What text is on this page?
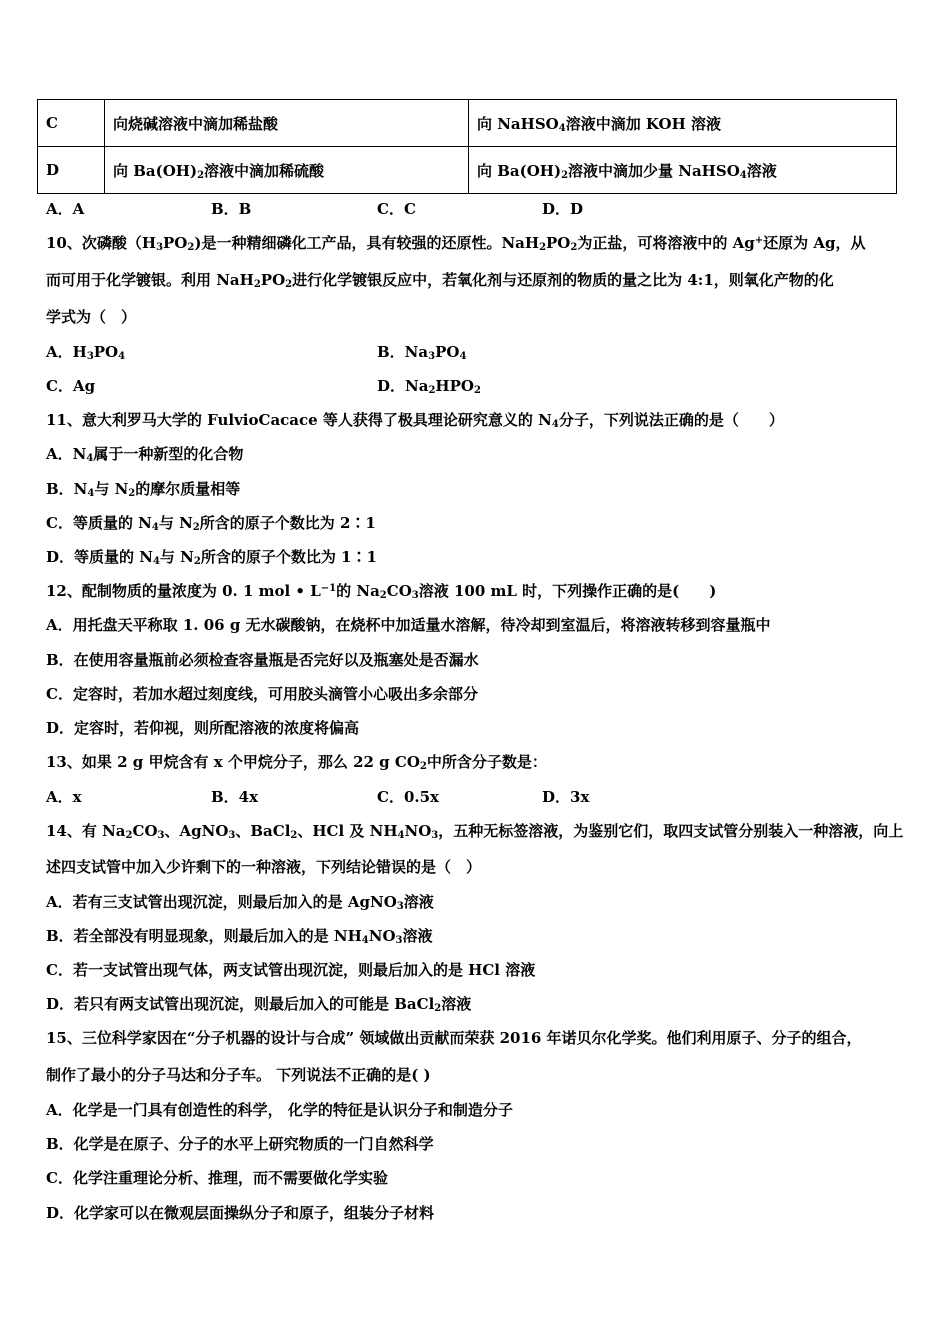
C	向烧碱溶液中滴加稀盐酸	向 NaHSO$_4$溶液中滴加 KOH 溶液
D	向 $Ba(OH)_2$溶液中滴加稀硫酸	向 $Ba(OH)_2$溶液中滴加少量 NaHSO$_4$溶液
A．A	B．B	C．C	D．D
10、次磷酸$(H_3PO_2)$是一种精细磷化工产品，具有较强的还原性。$NaH_2PO_2$为正盐，可将溶液中的 Ag+还原为 Ag，从
而可用于化学镀银。利用 $NaH_2PO_2$进行化学镀银反应中，若氧化剂与还原剂的物质的量之比为 4:1，则氧化产物的化
学式为（　）
A．$H_3PO_4$	B．$Na_3PO_4$
C．Ag	D．$Na_2HPO_2$
11、意大利罗马大学的 FulvioCacace 等人获得了极具理论研究意义的 $N_4$分子，下列说法正确的是（　　）
A．$N_4$属于一种新型的化合物
B．$N_4$与 $N_2$的摩尔质量相等
C．等质量的 $N_4$与 $N_2$所含的原子个数比为 2∶1
D．等质量的 $N_4$与 $N_2$所含的原子个数比为 1∶1
12、配制物质的量浓度为 0. 1 mol • $L^{-1}$的 $Na_2CO_3$溶液 100 mL 时，下列操作正确的是(　　)
A．用托盘天平称取 1. 06 g 无水碳酸钠，在烧杯中加适量水溶解，待冷却到室温后，将溶液转移到容量瓶中
B．在使用容量瓶前必须检查容量瓶是否完好以及瓶塞处是否漏水
C．定容时，若加水超过刻度线，可用胶头滴管小心吸出多余部分
D．定容时，若仰视，则所配溶液的浓度将偏高
13、如果 2 g 甲烷含有 x 个甲烷分子，那么 22 g $CO_2$中所含分子数是：
A．x	B．4x	C．0.5x	D．3x
14、有 $Na_2CO_3$、AgNO$_3$、BaCl$_2$、HCl 及 $NH_4NO_3$，五种无标签溶液，为鉴别它们，取四支试管分别装入一种溶液，向上
述四支试管中加入少许剩下的一种溶液，下列结论错误的是（　）
A．若有三支试管出现沉淀，则最后加入的是 AgNO$_3$溶液
B．若全部没有明显现象，则最后加入的是 $NH_4NO_3$溶液
C．若一支试管出现气体，两支试管出现沉淀，则最后加入的是 HCl 溶液
D．若只有两支试管出现沉淀，则最后加入的可能是 BaCl$_2$溶液
15、三位科学家因在“分子机器的设计与合成” 领域做出贡献而荣获 2016 年诺贝尔化学奖。他们利用原子、分子的组合，
制作了最小的分子马达和分子车。 下列说法不正确的是( )
A．化学是一门具有创造性的科学， 化学的特征是认识分子和制造分子
B．化学是在原子、分子的水平上研究物质的一门自然科学
C．化学注重理论分析、推理，而不需要做化学实验
D．化学家可以在微观层面操纵分子和原子，组装分子材料
